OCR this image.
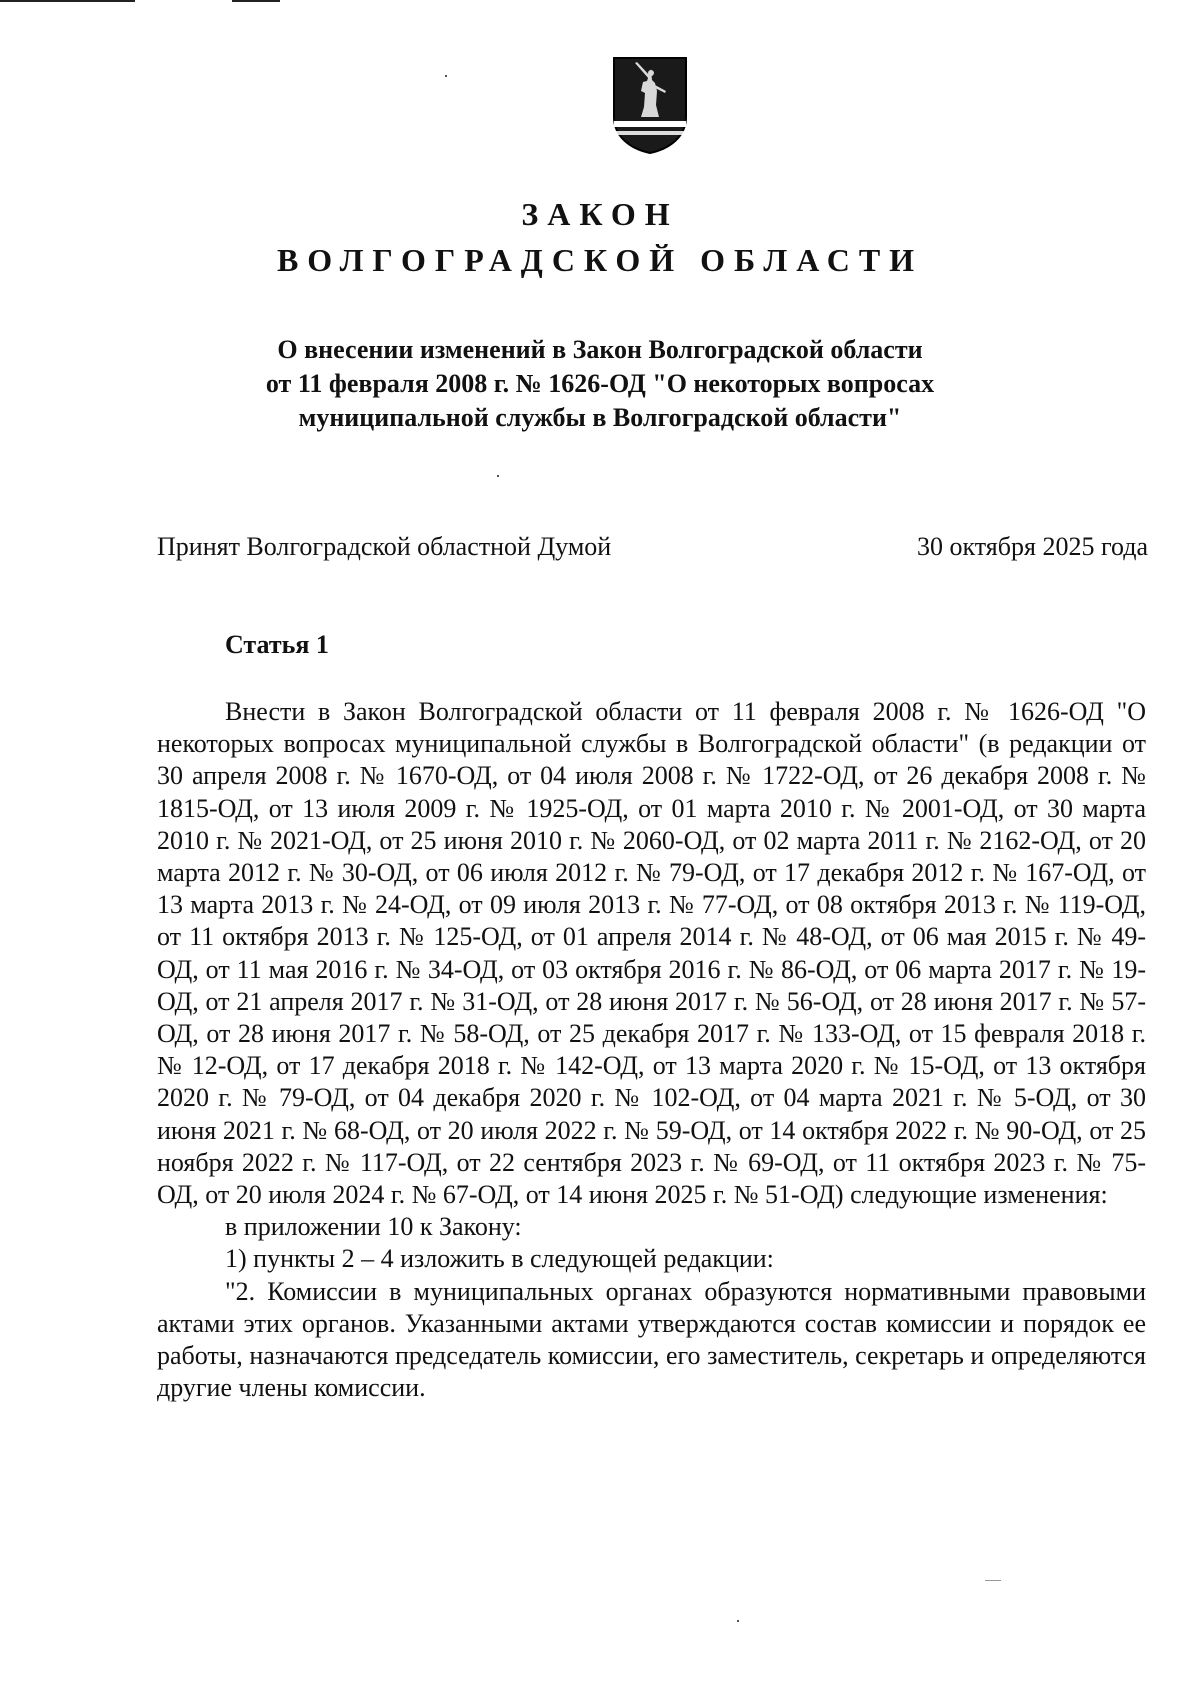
ЗАКОН
ВОЛГОГРАДСКОЙ ОБЛАСТИ
О внесении изменений в Закон Волгоградской области
от 11 февраля 2008 г. № 1626-ОД "О некоторых вопросах
муниципальной службы в Волгоградской области"
Принят Волгоградской областной Думой	30 октября 2025 года
Статья 1

Внести в Закон Волгоградской области от 11 февраля 2008 г. № 1626-ОД "О некоторых вопросах муниципальной службы в Волгоградской области" (в редакции от 30 апреля 2008 г. № 1670-ОД, от 04 июля 2008 г. № 1722-ОД, от 26 декабря 2008 г. № 1815-ОД, от 13 июля 2009 г. № 1925-ОД, от 01 марта 2010 г. № 2001-ОД, от 30 марта 2010 г. № 2021-ОД, от 25 июня 2010 г. № 2060-ОД, от 02 марта 2011 г. № 2162-ОД, от 20 марта 2012 г. № 30-ОД, от 06 июля 2012 г. № 79-ОД, от 17 декабря 2012 г. № 167-ОД, от 13 марта 2013 г. № 24-ОД, от 09 июля 2013 г. № 77-ОД, от 08 октября 2013 г. № 119-ОД, от 11 октября 2013 г. № 125-ОД, от 01 апреля 2014 г. № 48-ОД, от 06 мая 2015 г. № 49-ОД, от 11 мая 2016 г. № 34-ОД, от 03 октября 2016 г. № 86-ОД, от 06 марта 2017 г. № 19-ОД, от 21 апреля 2017 г. № 31-ОД, от 28 июня 2017 г. № 56-ОД, от 28 июня 2017 г. № 57-ОД, от 28 июня 2017 г. № 58-ОД, от 25 декабря 2017 г. № 133-ОД, от 15 февраля 2018 г. № 12-ОД, от 17 декабря 2018 г. № 142-ОД, от 13 марта 2020 г. № 15-ОД, от 13 октября 2020 г. № 79-ОД, от 04 декабря 2020 г. № 102-ОД, от 04 марта 2021 г. № 5-ОД, от 30 июня 2021 г. № 68-ОД, от 20 июля 2022 г. № 59-ОД, от 14 октября 2022 г. № 90-ОД, от 25 ноября 2022 г. № 117-ОД, от 22 сентября 2023 г. № 69-ОД, от 11 октября 2023 г. № 75-ОД, от 20 июля 2024 г. № 67-ОД, от 14 июня 2025 г. № 51-ОД) следующие изменения:

в приложении 10 к Закону:

1) пункты 2 – 4 изложить в следующей редакции:

"2. Комиссии в муниципальных органах образуются нормативными правовыми актами этих органов. Указанными актами утверждаются состав комиссии и порядок ее работы, назначаются председатель комиссии, его заместитель, секретарь и определяются другие члены комиссии.
